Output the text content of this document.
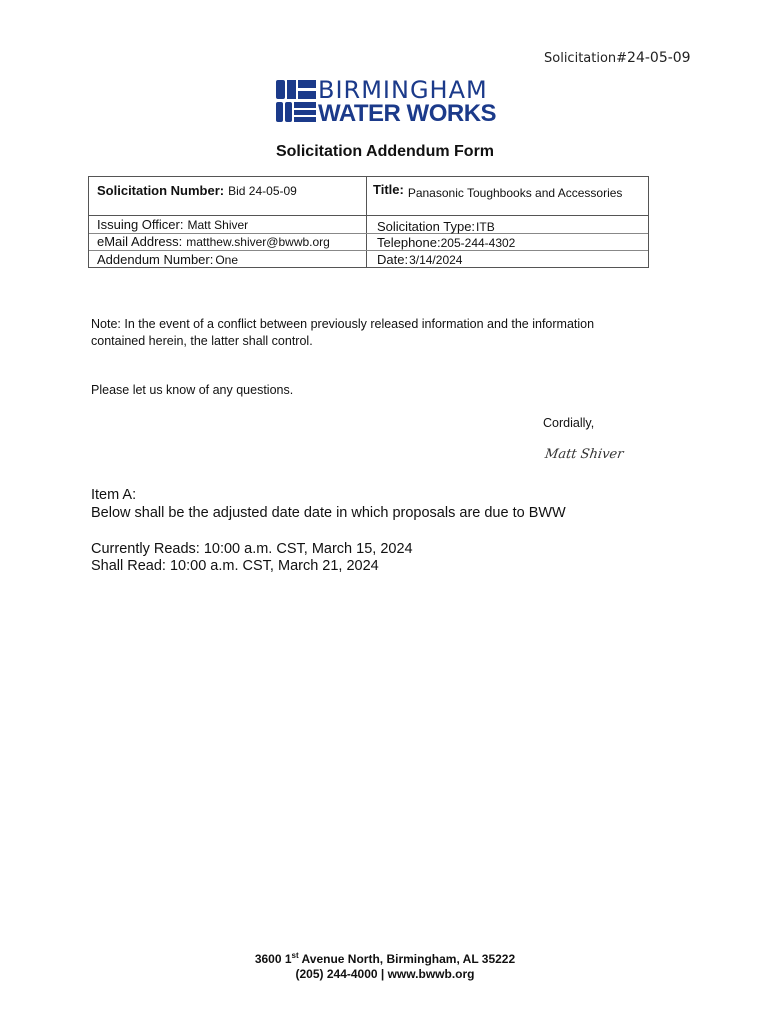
Solicitation#24-05-09
BIRMINGHAM
WATER WORKS
Solicitation Addendum Form
Solicitation Number: Bid 24-05-09	Title: Panasonic Toughbooks and Accessories
Issuing Officer: Matt Shiver
eMail Address: matthew.shiver@bwwb.org
Addendum Number: One
Solicitation Type:ITB
Telephone:205-244-4302
Date:3/14/2024
Note: In the event of a conflict between previously released information and the information
contained herein, the latter shall control.
Please let us know of any questions.
Cordially,
Matt Shiver
Item A:
Below shall be the adjusted date date in which proposals are due to BWW
Currently Reads: 10:00 a.m. CST, March 15, 2024
Shall Read: 10:00 a.m. CST, March 21, 2024
3600 1st Avenue North, Birmingham, AL 35222
(205) 244-4000 | www.bwwb.org
